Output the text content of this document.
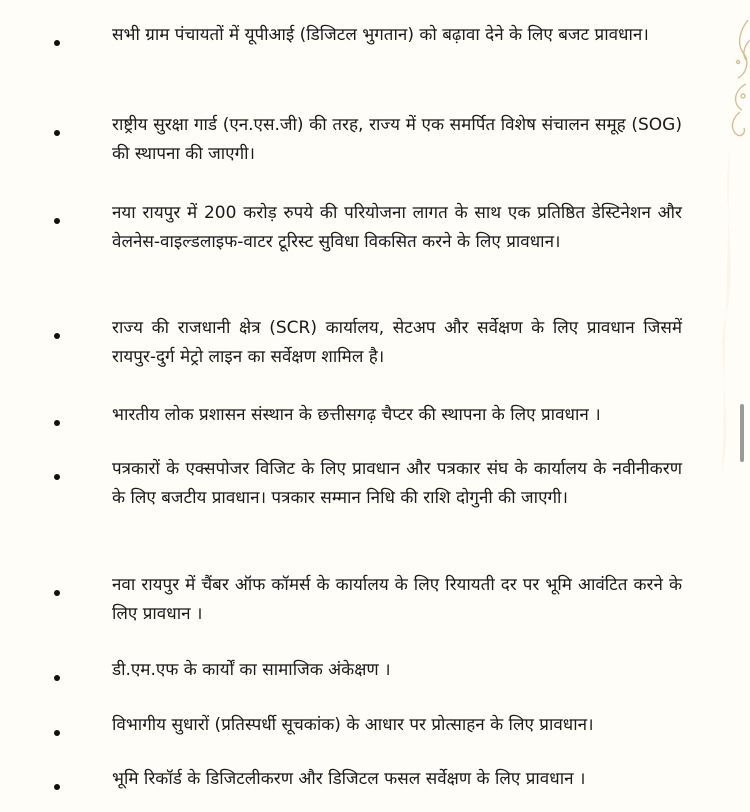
सभी ग्राम पंचायतों में यूपीआई (डिजिटल भुगतान) को बढ़ावा देने के लिए बजट प्रावधान।
राष्ट्रीय सुरक्षा गार्ड (एन.एस.जी) की तरह, राज्य में एक समर्पित विशेष संचालन समूह (SOG) की स्थापना की जाएगी।
नया रायपुर में 200 करोड़ रुपये की परियोजना लागत के साथ एक प्रतिष्ठित डेस्टिनेशन और वेलनेस-वाइल्डलाइफ-वाटर टूरिस्ट सुविधा विकसित करने के लिए प्रावधान।
राज्य की राजधानी क्षेत्र (SCR) कार्यालय, सेटअप और सर्वेक्षण के लिए प्रावधान जिसमें रायपुर-दुर्ग मेट्रो लाइन का सर्वेक्षण शामिल है।
भारतीय लोक प्रशासन संस्थान के छत्तीसगढ़ चैप्टर की स्थापना के लिए प्रावधान ।
पत्रकारों के एक्सपोजर विजिट के लिए प्रावधान और पत्रकार संघ के कार्यालय के नवीनीकरण के लिए बजटीय प्रावधान। पत्रकार सम्मान निधि की राशि दोगुनी की जाएगी।
नवा रायपुर में चैंबर ऑफ कॉमर्स के कार्यालय के लिए रियायती दर पर भूमि आवंटित करने के लिए प्रावधान ।
डी.एम.एफ के कार्यों का सामाजिक अंकेक्षण ।
विभागीय सुधारों (प्रतिस्पर्धी सूचकांक) के आधार पर प्रोत्साहन के लिए प्रावधान।
भूमि रिकॉर्ड के डिजिटलीकरण और डिजिटल फसल सर्वेक्षण के लिए प्रावधान ।
